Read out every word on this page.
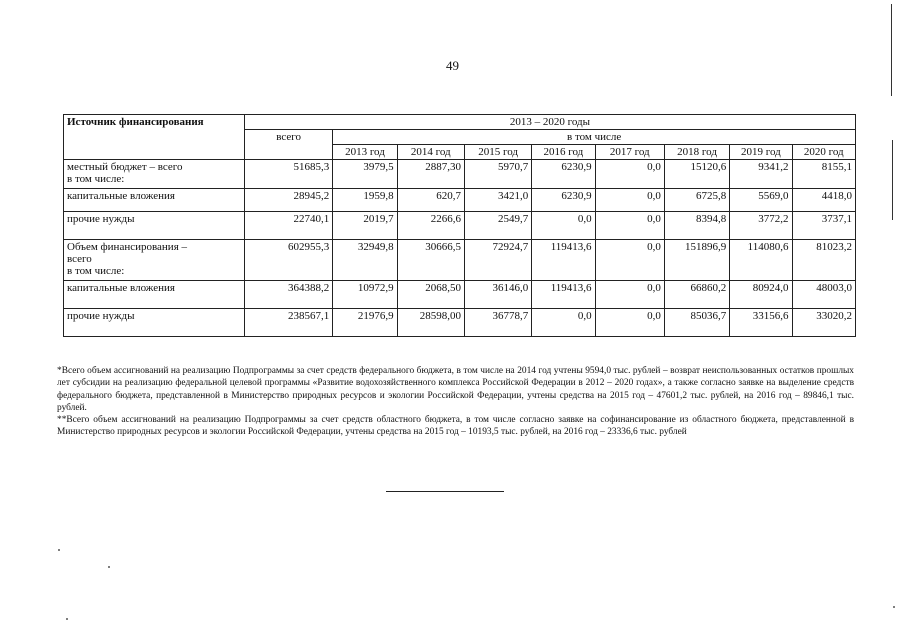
49
Источник финансирования	2013 – 2020 годы								
	всего	в том числе							
		2013 год	2014 год	2015 год	2016 год	2017 год	2018 год	2019 год	2020 год
местный бюджет – всего
в том числе:	51685,3	3979,5	2887,30	5970,7	6230,9	0,0	15120,6	9341,2	8155,1
капитальные вложения	28945,2	1959,8	620,7	3421,0	6230,9	0,0	6725,8	5569,0	4418,0
прочие нужды	22740,1	2019,7	2266,6	2549,7	0,0	0,0	8394,8	3772,2	3737,1
Объем финансирования –
всего
в том числе:	602955,3	32949,8	30666,5	72924,7	119413,6	0,0	151896,9	114080,6	81023,2
капитальные вложения	364388,2	10972,9	2068,50	36146,0	119413,6	0,0	66860,2	80924,0	48003,0
прочие нужды	238567,1	21976,9	28598,00	36778,7	0,0	0,0	85036,7	33156,6	33020,2

*Всего объем ассигнований на реализацию Подпрограммы за счет средств федерального бюджета, в том числе на 2014 год учтены 9594,0 тыс. рублей – возврат неиспользованных остатков прошлых лет субсидии на реализацию федеральной целевой программы «Развитие водохозяйственного комплекса Российской Федерации в 2012 – 2020 годах», а также согласно заявке на выделение средств федерального бюджета, представленной в Министерство природных ресурсов и экологии Российской Федерации, учтены средства на 2015 год – 47601,2 тыс. рублей, на 2016 год – 89846,1 тыс. рублей.

**Всего объем ассигнований на реализацию Подпрограммы за счет средств областного бюджета, в том числе согласно заявке на софинансирование из областного бюджета, представленной в Министерство природных ресурсов и экологии Российской Федерации, учтены средства на 2015 год – 10193,5 тыс. рублей, на 2016 год – 23336,6 тыс. рублей
